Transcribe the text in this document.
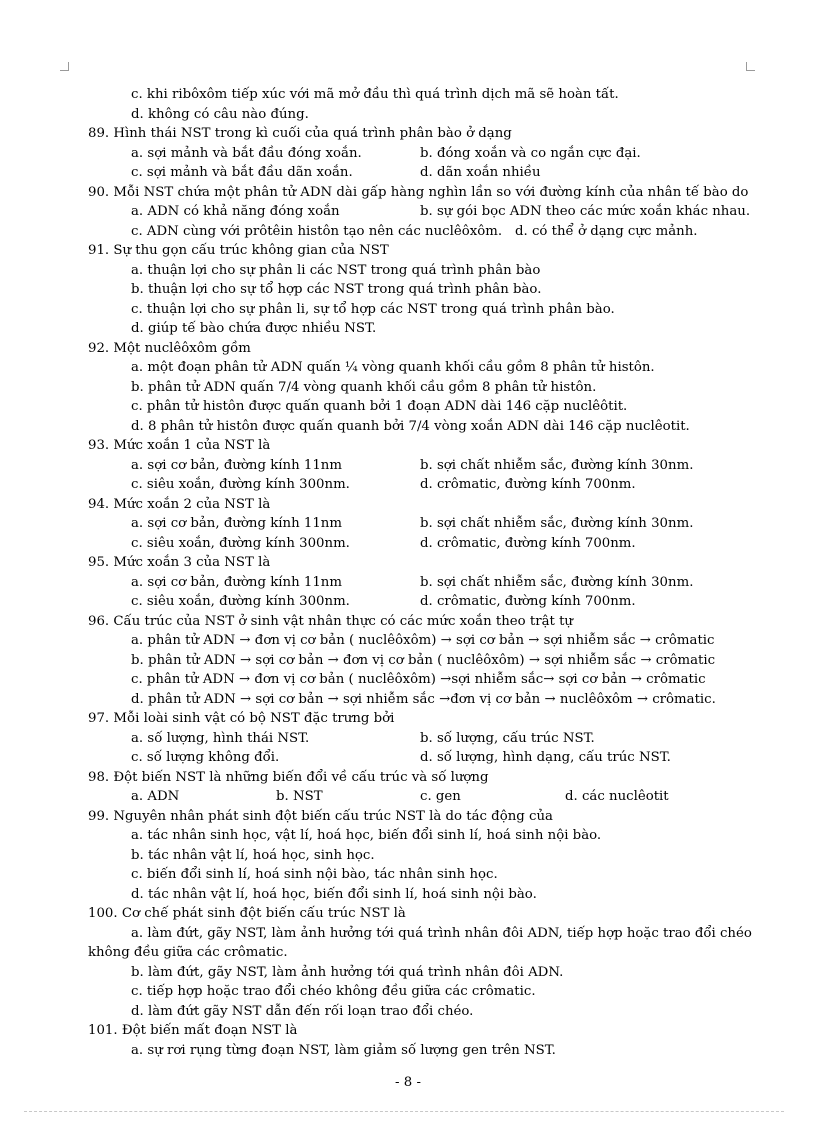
c. khi ribôxôm tiếp xúc với mã mở đầu thì quá trình dịch mã sẽ hoàn tất.
d. không có câu nào đúng.
89. Hình thái NST trong kì cuối của quá trình phân bào ở dạng
a. sợi mảnh và bắt đầu đóng xoắn.	b. đóng xoắn và co ngắn cực đại.
c. sợi mảnh và bắt đầu dãn xoắn.	d. dãn xoắn nhiều
90. Mỗi NST chứa một phân tử ADN dài gấp hàng nghìn lần so với đường kính của nhân tế bào do
a. ADN có khả năng đóng xoắn	b. sự gói bọc ADN theo các mức xoắn khác nhau.
c. ADN cùng với prôtêin histôn tạo nên các nuclêôxôm. d. có thể ở dạng cực mảnh.
91. Sự thu gọn cấu trúc không gian của NST
a. thuận lợi cho sự phân li các NST trong quá trình phân bào
b. thuận lợi cho sự tổ hợp các NST trong quá trình phân bào.
c. thuận lợi cho sự phân li, sự tổ hợp các NST trong quá trình phân bào.
d. giúp tế bào chứa được nhiều NST.
92. Một nuclêôxôm gồm
a. một đoạn phân tử ADN quấn ¼ vòng quanh khối cầu gồm 8 phân tử histôn.
b. phân tử ADN quấn 7/4 vòng quanh khối cầu gồm 8 phân tử histôn.
c. phân tử histôn được quấn quanh bởi 1 đoạn ADN dài 146 cặp nuclêôtit.
d. 8 phân tử histôn được quấn quanh bởi 7/4 vòng xoắn ADN dài 146 cặp nuclêotit.
93. Mức xoắn 1 của NST là
a. sợi cơ bản, đường kính 11nm	b. sợi chất nhiễm sắc, đường kính 30nm.
c. siêu xoắn, đường kính 300nm.	d. crômatic, đường kính 700nm.
94. Mức xoắn 2 của NST là
a. sợi cơ bản, đường kính 11nm	b. sợi chất nhiễm sắc, đường kính 30nm.
c. siêu xoắn, đường kính 300nm.	d. crômatic, đường kính 700nm.
95. Mức xoắn 3 của NST là
a. sợi cơ bản, đường kính 11nm	b. sợi chất nhiễm sắc, đường kính 30nm.
c. siêu xoắn, đường kính 300nm.	d. crômatic, đường kính 700nm.
96. Cấu trúc của NST ở sinh vật nhân thực có các mức xoắn theo trật tự
a. phân tử ADN → đơn vị cơ bản ( nuclêôxôm) → sợi cơ bản → sợi nhiễm sắc → crômatic
b. phân tử ADN → sợi cơ bản → đơn vị cơ bản ( nuclêôxôm) → sợi nhiễm sắc → crômatic
c. phân tử ADN → đơn vị cơ bản ( nuclêôxôm) →sợi nhiễm sắc→ sợi cơ bản → crômatic
d. phân tử ADN → sợi cơ bản → sợi nhiễm sắc →đơn vị cơ bản → nuclêôxôm → crômatic.
97. Mỗi loài sinh vật có bộ NST đặc trưng bởi
a. số lượng, hình thái NST.	b. số lượng, cấu trúc NST.
c. số lượng không đổi.	d. số lượng, hình dạng, cấu trúc NST.
98. Đột biến NST là những biến đổi về cấu trúc và số lượng
a. ADN	b. NST	c. gen	d. các nuclêotit
99. Nguyên nhân phát sinh đột biến cấu trúc NST là do tác động của
a. tác nhân sinh học, vật lí, hoá học, biến đổi sinh lí, hoá sinh nội bào.
b. tác nhân vật lí, hoá học, sinh học.
c. biến đổi sinh lí, hoá sinh nội bào, tác nhân sinh học.
d. tác nhân vật lí, hoá học, biến đổi sinh lí, hoá sinh nội bào.
100. Cơ chế phát sinh đột biến cấu trúc NST là
a. làm đứt, gãy NST, làm ảnh hưởng tới quá trình nhân đôi ADN, tiếp hợp hoặc trao đổi chéo
không đều giữa các crômatic.
b. làm đứt, gãy NST, làm ảnh hưởng tới quá trình nhân đôi ADN.
c. tiếp hợp hoặc trao đổi chéo không đều giữa các crômatic.
d. làm đứt gãy NST dẫn đến rối loạn trao đổi chéo.
101. Đột biến mất đoạn NST là
a. sự rơi rụng từng đoạn NST, làm giảm số lượng gen trên NST.
- 8 -
